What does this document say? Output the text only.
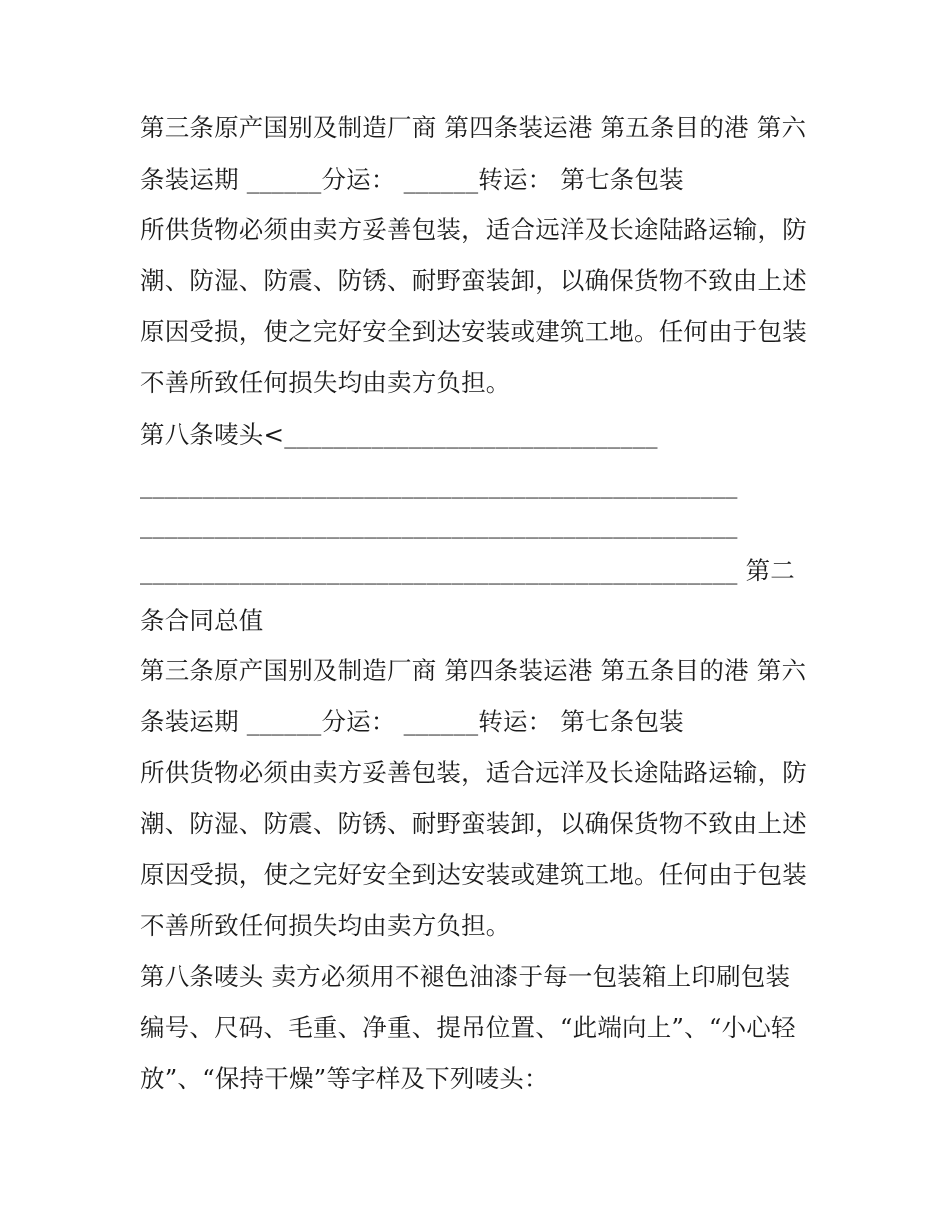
第三条原产国别及制造厂商 第四条装运港 第五条目的港 第六
条装运期 ______分运： ______转运： 第七条包装
所供货物必须由卖方妥善包装，适合远洋及长途陆路运输，防
潮、防湿、防震、防锈、耐野蛮装卸，以确保货物不致由上述
原因受损，使之完好安全到达安装或建筑工地。任何由于包装
不善所致任何损失均由卖方负担。
第八条唛头<______________________________
________________________________________________
________________________________________________
________________________________________________ 第二
条合同总值
第三条原产国别及制造厂商 第四条装运港 第五条目的港 第六
条装运期 ______分运： ______转运： 第七条包装
所供货物必须由卖方妥善包装，适合远洋及长途陆路运输，防
潮、防湿、防震、防锈、耐野蛮装卸，以确保货物不致由上述
原因受损，使之完好安全到达安装或建筑工地。任何由于包装
不善所致任何损失均由卖方负担。
第八条唛头 卖方必须用不褪色油漆于每一包装箱上印刷包装
编号、尺码、毛重、净重、提吊位置、“此端向上”、“小心轻
放”、“保持干燥”等字样及下列唛头：
